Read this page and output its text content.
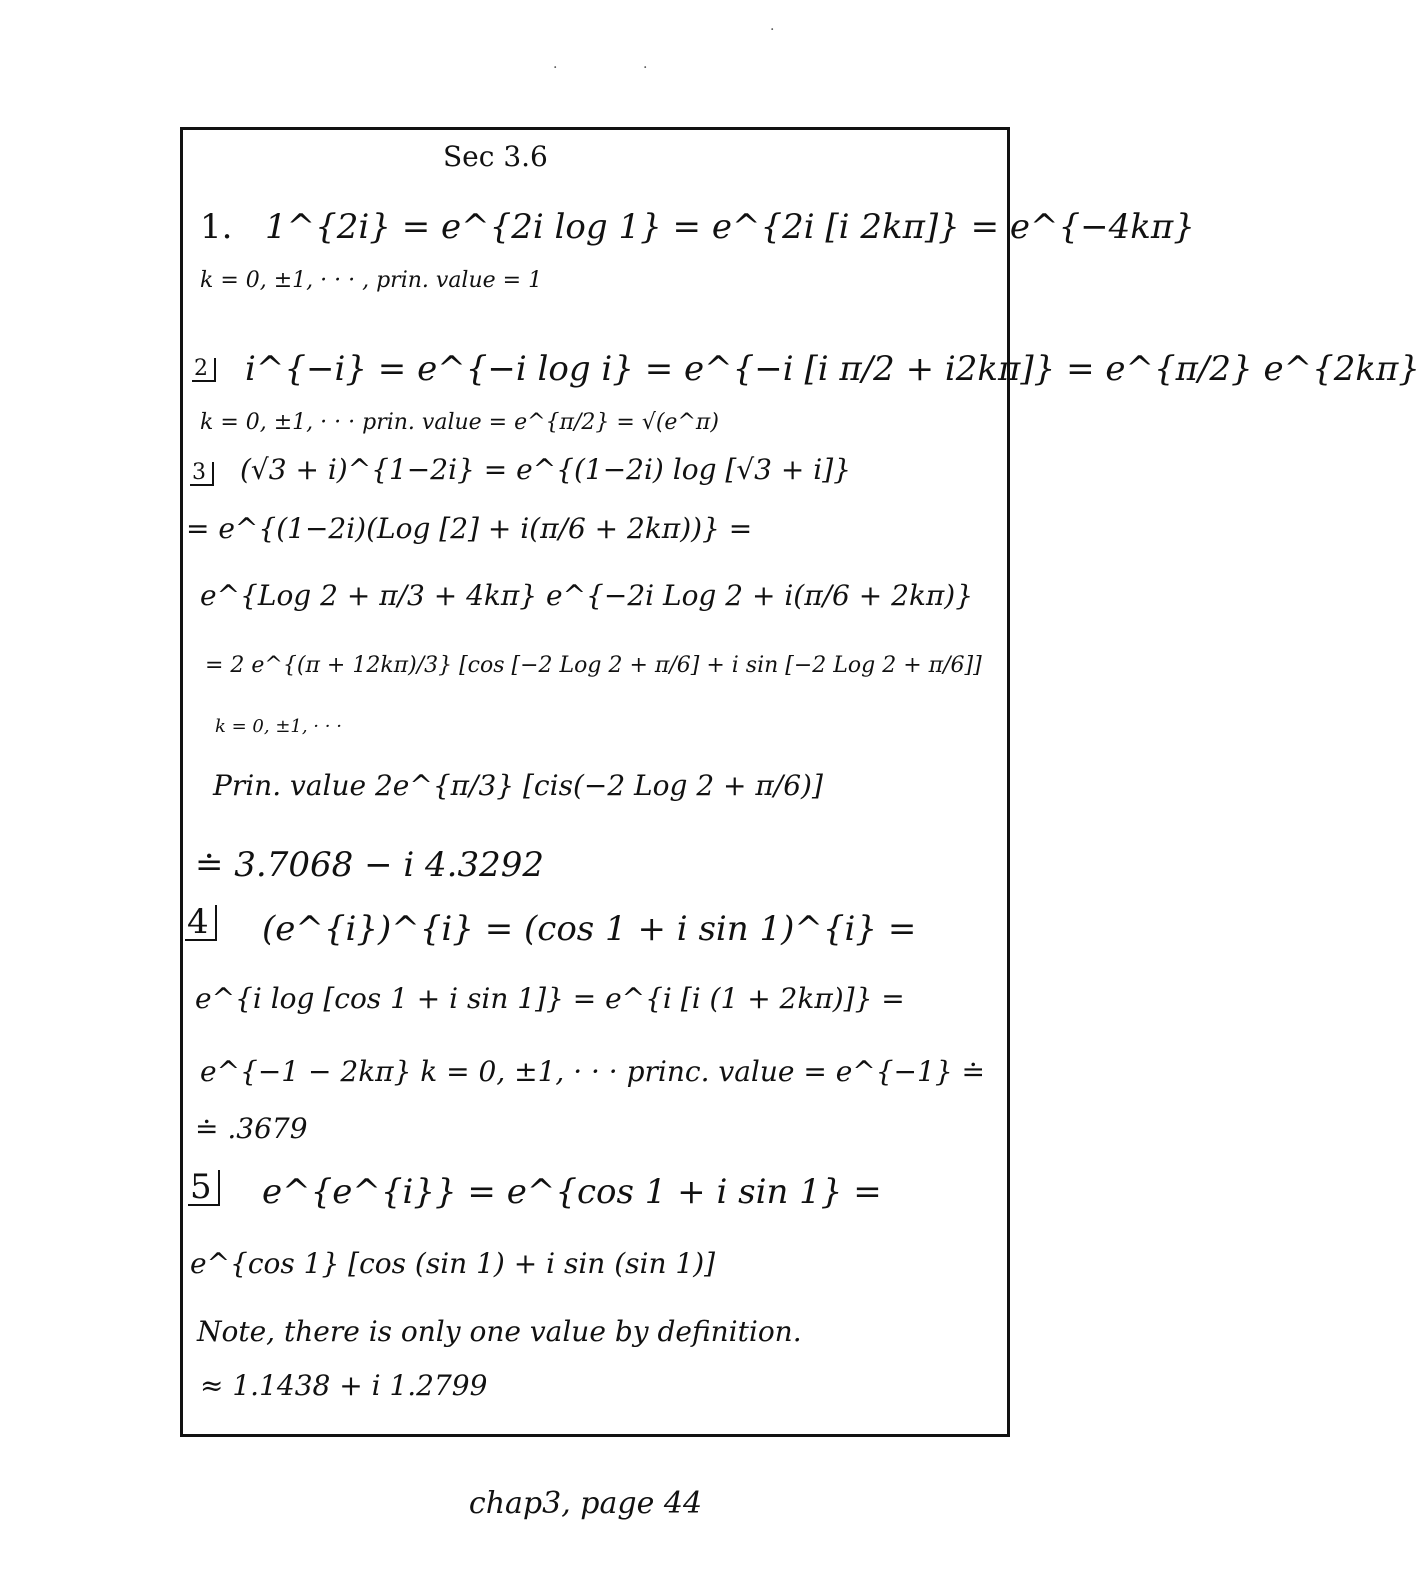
Sec 3.6
1. 1^{2i} = e^{2i log 1} = e^{2i [i 2kπ]} = e^{−4kπ}
k = 0, ±1, · · · , prin. value = 1
2	i^{−i} = e^{−i log i} = e^{−i [i π/2 + i2kπ]} = e^{π/2} e^{2kπ}
k = 0, ±1, · · · prin. value = e^{π/2} = √(e^π)
3	(√3 + i)^{1−2i} = e^{(1−2i) log [√3 + i]}
= e^{(1−2i)(Log [2] + i(π/6 + 2kπ))} =
e^{Log 2 + π/3 + 4kπ} e^{−2i Log 2 + i(π/6 + 2kπ)}
= 2 e^{(π + 12kπ)/3} [cos [−2 Log 2 + π/6] + i sin [−2 Log 2 + π/6]]
k = 0, ±1, · · ·
Prin. value 2e^{π/3} [cis(−2 Log 2 + π/6)]
≐ 3.7068 − i 4.3292
4	(e^{i})^{i} = (cos 1 + i sin 1)^{i} =
e^{i log [cos 1 + i sin 1]} = e^{i [i (1 + 2kπ)]} =
e^{−1 − 2kπ} k = 0, ±1, · · · princ. value = e^{−1} ≐
≐ .3679
5	e^{e^{i}} = e^{cos 1 + i sin 1} =
e^{cos 1} [cos (sin 1) + i sin (sin 1)]
Note, there is only one value by definition.
≈ 1.1438 + i 1.2799
chap3, page 44
·
·	·
